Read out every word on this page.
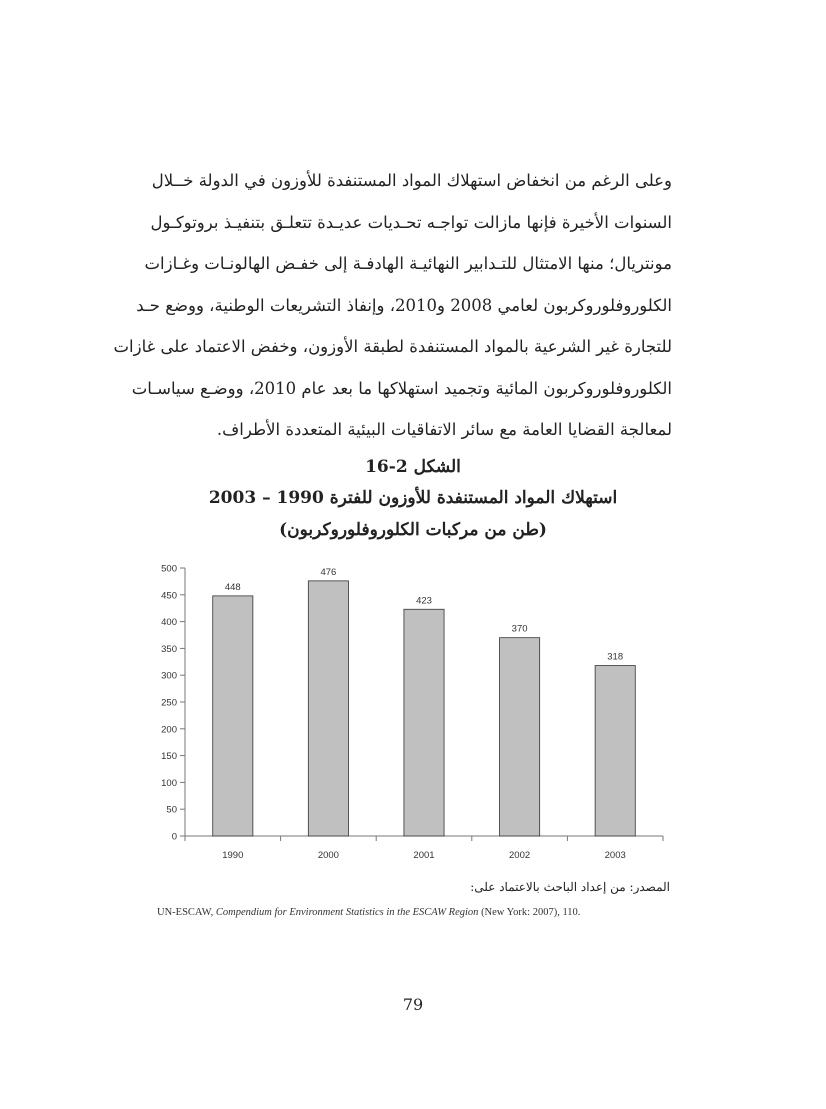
وعلى الرغم من انخفاض استهلاك المواد المستنفدة للأوزون في الدولة خــلال
السنوات الأخيرة فإنها مازالت تواجـه تحـديات عديـدة تتعلـق بتنفيـذ بروتوكـول
مونتريال؛ منها الامتثال للتـدابير النهائيـة الهادفـة إلى خفـض الهالونـات وغـازات
الكلوروفلوروكربون لعامي 2008 و2010، وإنفاذ التشريعات الوطنية، ووضع حـد
للتجارة غير الشرعية بالمواد المستنفدة لطبقة الأوزون، وخفض الاعتماد على غازات
الكلوروفلوروكربون المائية وتجميد استهلاكها ما بعد عام 2010، ووضـع سياسـات
لمعالجة القضايا العامة مع سائر الاتفاقيات البيئية المتعددة الأطراف.
الشكل 2-16
استهلاك المواد المستنفدة للأوزون للفترة 1990 – 2003
(طن من مركبات الكلوروفلوروكربون)
0
50
100
150
200
250
300
350
400
450
500
448
1990
476
2000
423
2001
370
2002
318
2003
المصدر: من إعداد الباحث بالاعتماد على:
UN-ESCAW, Compendium for Environment Statistics in the ESCAW Region (New York: 2007), 110.
79
